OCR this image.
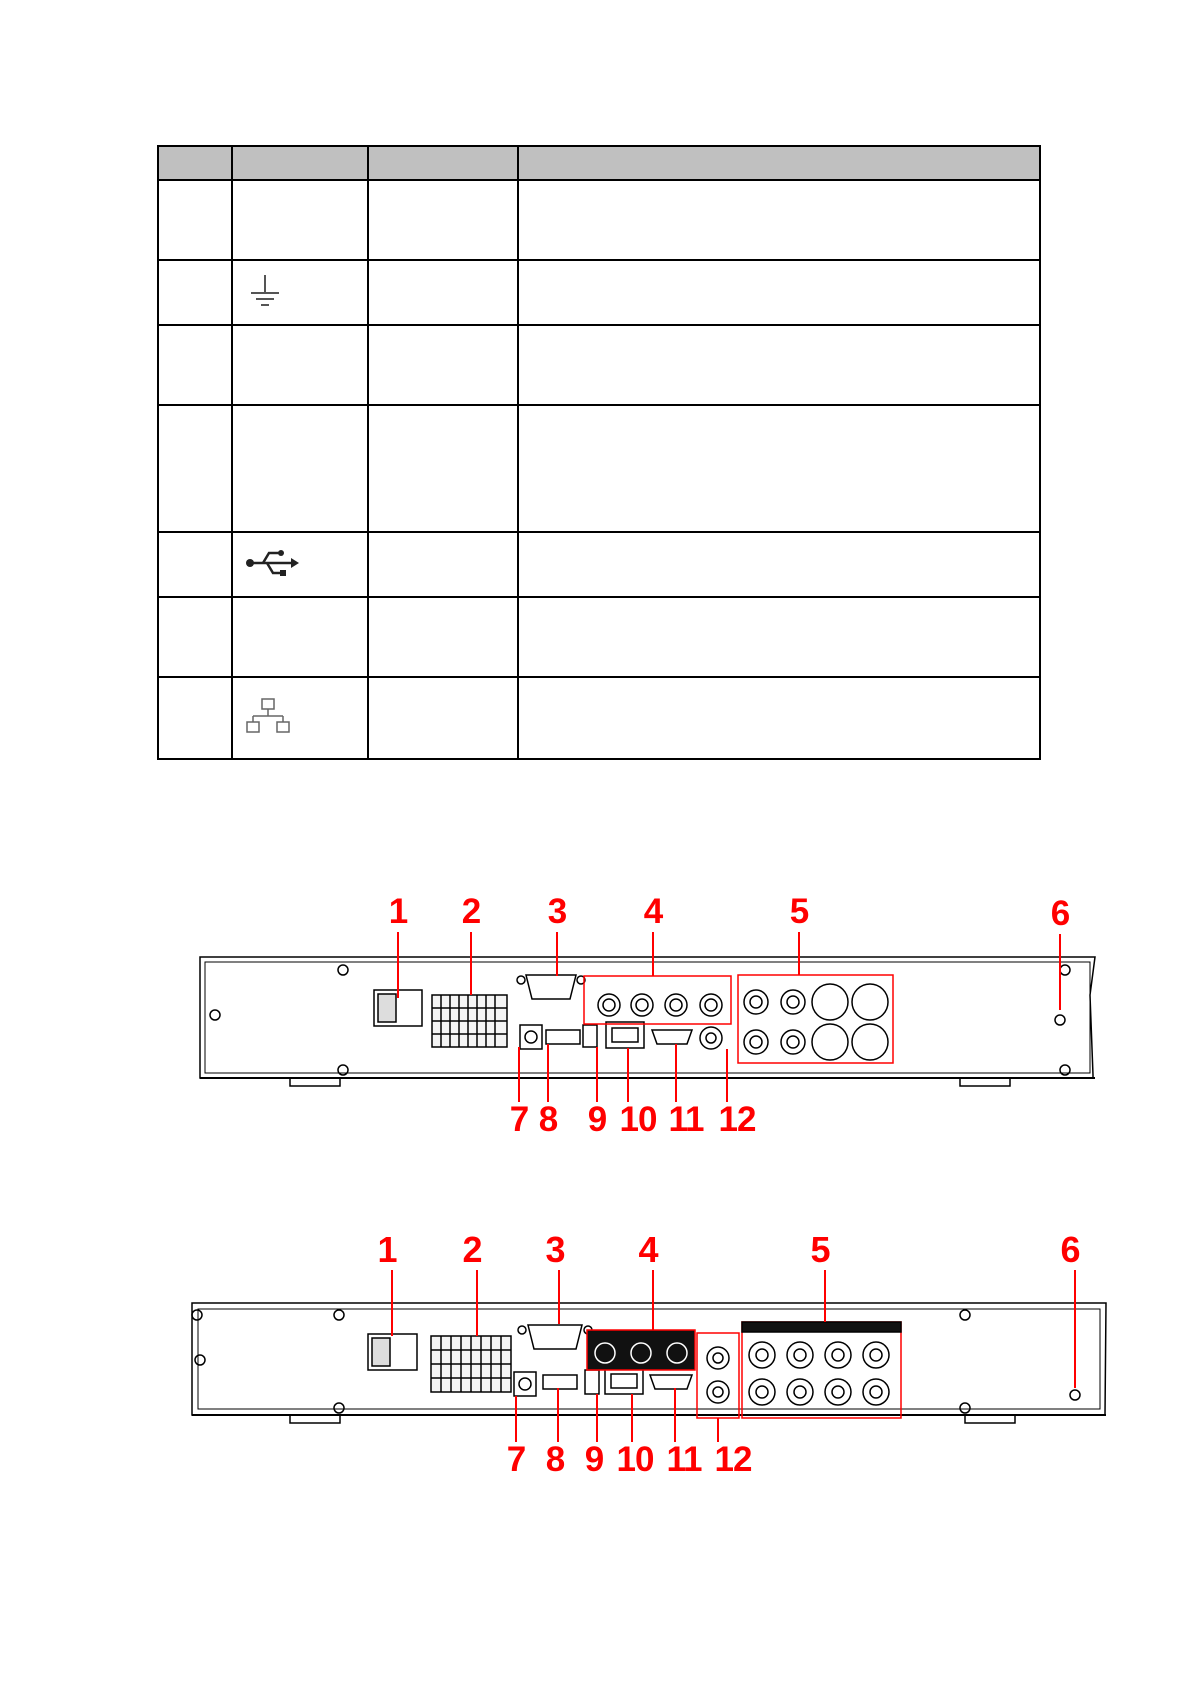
1 2 3 4	5	6
7 8 9 10 11 12
1 2 3 4	5	6
7 8 9 10 11 12
